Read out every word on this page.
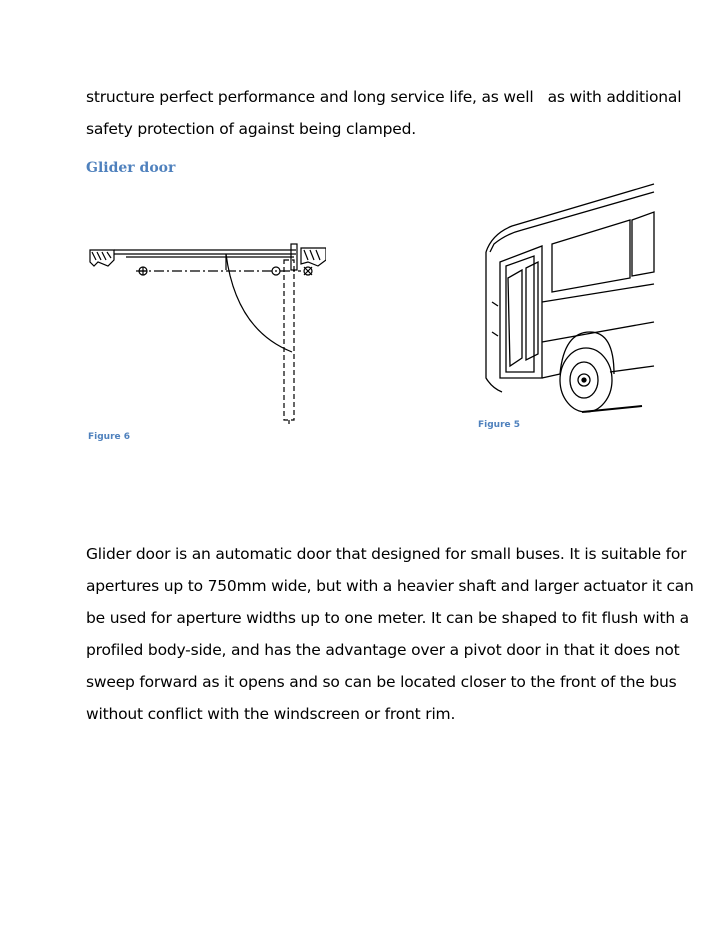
structure perfect performance and long service life, as well   as with additional
safety protection of against being clamped.
Glider door
Figure 6
Figure 5
Glider door is an automatic door that designed for small buses. It is suitable for
apertures up to 750mm wide, but with a heavier shaft and larger actuator it can
be used for aperture widths up to one meter. It can be shaped to fit flush with a
profiled body-side, and has the advantage over a pivot door in that it does not
sweep forward as it opens and so can be located closer to the front of the bus
without conflict with the windscreen or front rim.
